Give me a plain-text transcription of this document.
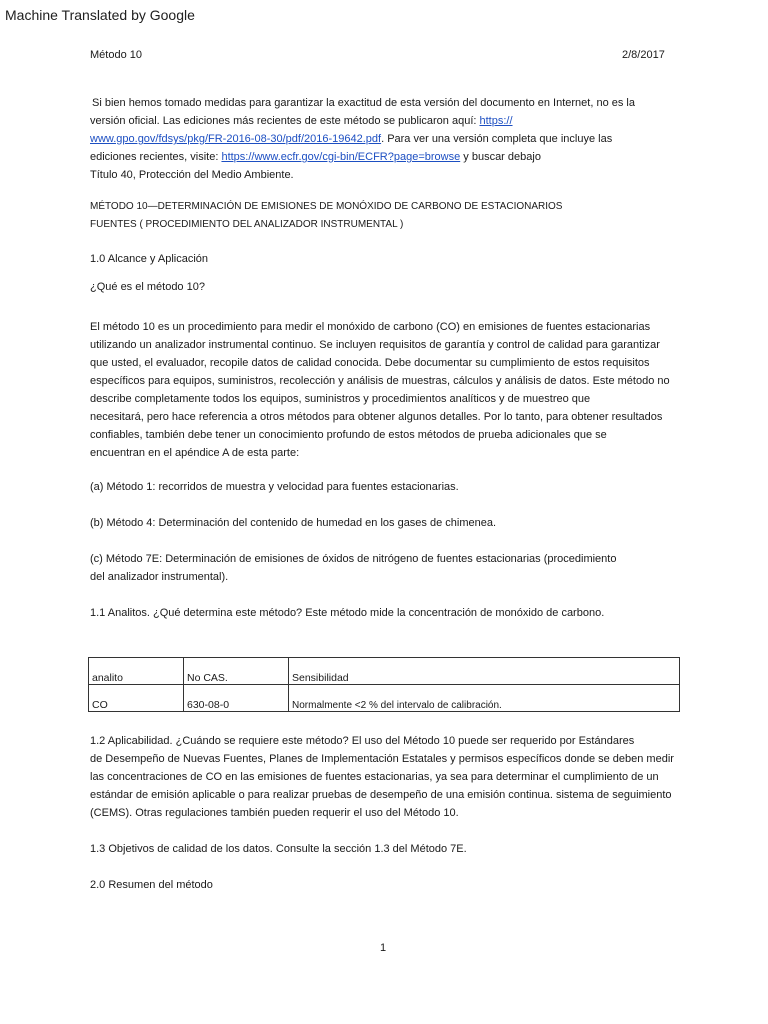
Machine Translated by Google
Método 10	2/8/2017
Si bien hemos tomado medidas para garantizar la exactitud de esta versión del documento en Internet, no es la
versión oficial. Las ediciones más recientes de este método se publicaron aquí: https://
www.gpo.gov/fdsys/pkg/FR-2016-08-30/pdf/2016-19642.pdf. Para ver una versión completa que incluye las
ediciones recientes, visite: https://www.ecfr.gov/cgi-bin/ECFR?page=browse y buscar debajo
Título 40, Protección del Medio Ambiente.
MÉTODO 10—DETERMINACIÓN DE EMISIONES DE MONÓXIDO DE CARBONO DE ESTACIONARIOS
FUENTES ( PROCEDIMIENTO DEL ANALIZADOR INSTRUMENTAL )
1.0 Alcance y Aplicación
¿Qué es el método 10?
El método 10 es un procedimiento para medir el monóxido de carbono (CO) en emisiones de fuentes estacionarias
utilizando un analizador instrumental continuo. Se incluyen requisitos de garantía y control de calidad para garantizar
que usted, el evaluador, recopile datos de calidad conocida. Debe documentar su cumplimiento de estos requisitos
específicos para equipos, suministros, recolección y análisis de muestras, cálculos y análisis de datos. Este método no
describe completamente todos los equipos, suministros y procedimientos analíticos y de muestreo que
necesitará, pero hace referencia a otros métodos para obtener algunos detalles. Por lo tanto, para obtener resultados
confiables, también debe tener un conocimiento profundo de estos métodos de prueba adicionales que se
encuentran en el apéndice A de esta parte:
(a) Método 1: recorridos de muestra y velocidad para fuentes estacionarias.
(b) Método 4: Determinación del contenido de humedad en los gases de chimenea.
(c) Método 7E: Determinación de emisiones de óxidos de nitrógeno de fuentes estacionarias (procedimiento
del analizador instrumental).
1.1 Analitos. ¿Qué determina este método? Este método mide la concentración de monóxido de carbono.
analito	No CAS.	Sensibilidad
CO	630-08-0	Normalmente <2 % del intervalo de calibración.
1.2 Aplicabilidad. ¿Cuándo se requiere este método? El uso del Método 10 puede ser requerido por Estándares
de Desempeño de Nuevas Fuentes, Planes de Implementación Estatales y permisos específicos donde se deben medir
las concentraciones de CO en las emisiones de fuentes estacionarias, ya sea para determinar el cumplimiento de un
estándar de emisión aplicable o para realizar pruebas de desempeño de una emisión continua. sistema de seguimiento
(CEMS). Otras regulaciones también pueden requerir el uso del Método 10.
1.3 Objetivos de calidad de los datos. Consulte la sección 1.3 del Método 7E.
2.0 Resumen del método
1
